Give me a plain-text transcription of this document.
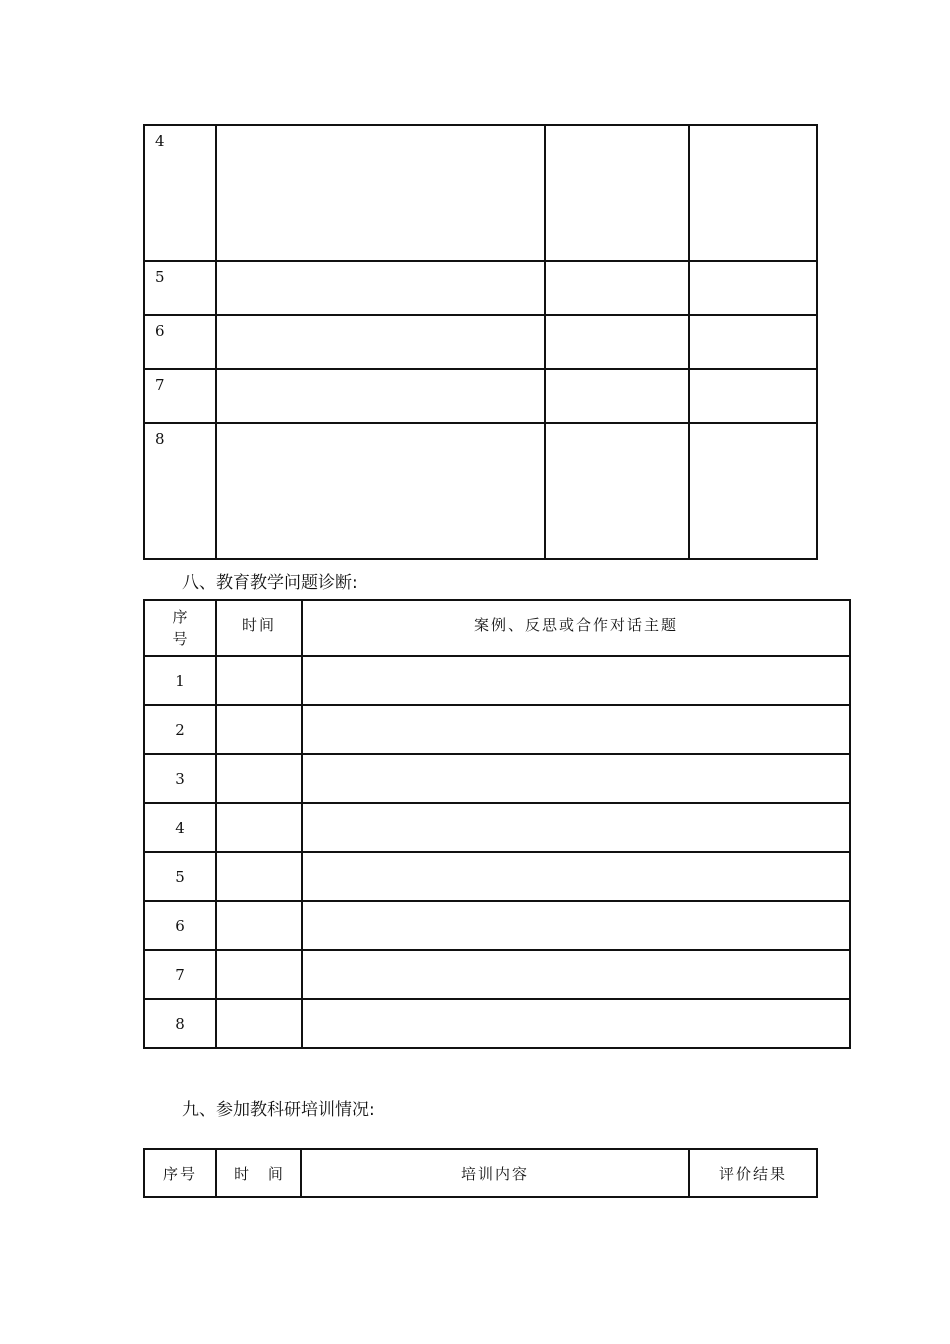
4			
5			
6			
7			
8			
八、教育教学问题诊断:
序
号	时间	案例、反思或合作对话主题
1		
2		
3		
4		
5		
6		
7		
8		
九、参加教科研培训情况:
序号	时 间	培训内容	评价结果
